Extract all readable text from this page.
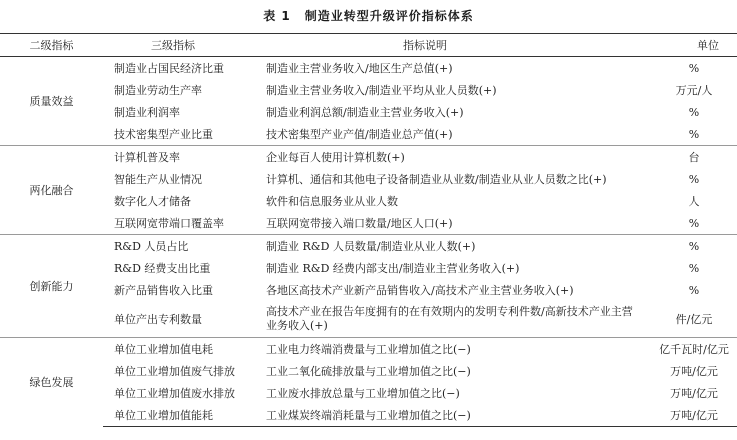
表 1 制造业转型升级评价指标体系
二级指标	三级指标	指标说明	单位
质量效益	制造业占国民经济比重	制造业主营业务收入/地区生产总值(+)	%
	制造业劳动生产率	制造业主营业务收入/制造业平均从业人员数(+)	万元/人
	制造业利润率	制造业利润总额/制造业主营业务收入(+)	%
	技术密集型产业比重	技术密集型产业产值/制造业总产值(+)	%
两化融合	计算机普及率	企业每百人使用计算机数(+)	台
	智能生产从业情况	计算机、通信和其他电子设备制造业从业数/制造业从业人员数之比(+)	%
	数字化人才储备	软件和信息服务业从业人数	人
	互联网宽带端口覆盖率	互联网宽带接入端口数量/地区人口(+)	%
创新能力	R&D 人员占比	制造业 R&D 人员数量/制造业从业人数(+)	%
	R&D 经费支出比重	制造业 R&D 经费内部支出/制造业主营业务收入(+)	%
	新产品销售收入比重	各地区高技术产业新产品销售收入/高技术产业主营业务收入(+)	%
	单位产出专利数量	高技术产业在报告年度拥有的在有效期内的发明专利件数/高新技术产业主营业务收入(+)	件/亿元
绿色发展	单位工业增加值电耗	工业电力终端消费量与工业增加值之比(−)	亿千瓦时/亿元
	单位工业增加值废气排放	工业二氧化硫排放量与工业增加值之比(−)	万吨/亿元
	单位工业增加值废水排放	工业废水排放总量与工业增加值之比(−)	万吨/亿元
	单位工业增加值能耗	工业煤炭终端消耗量与工业增加值之比(−)	万吨/亿元
